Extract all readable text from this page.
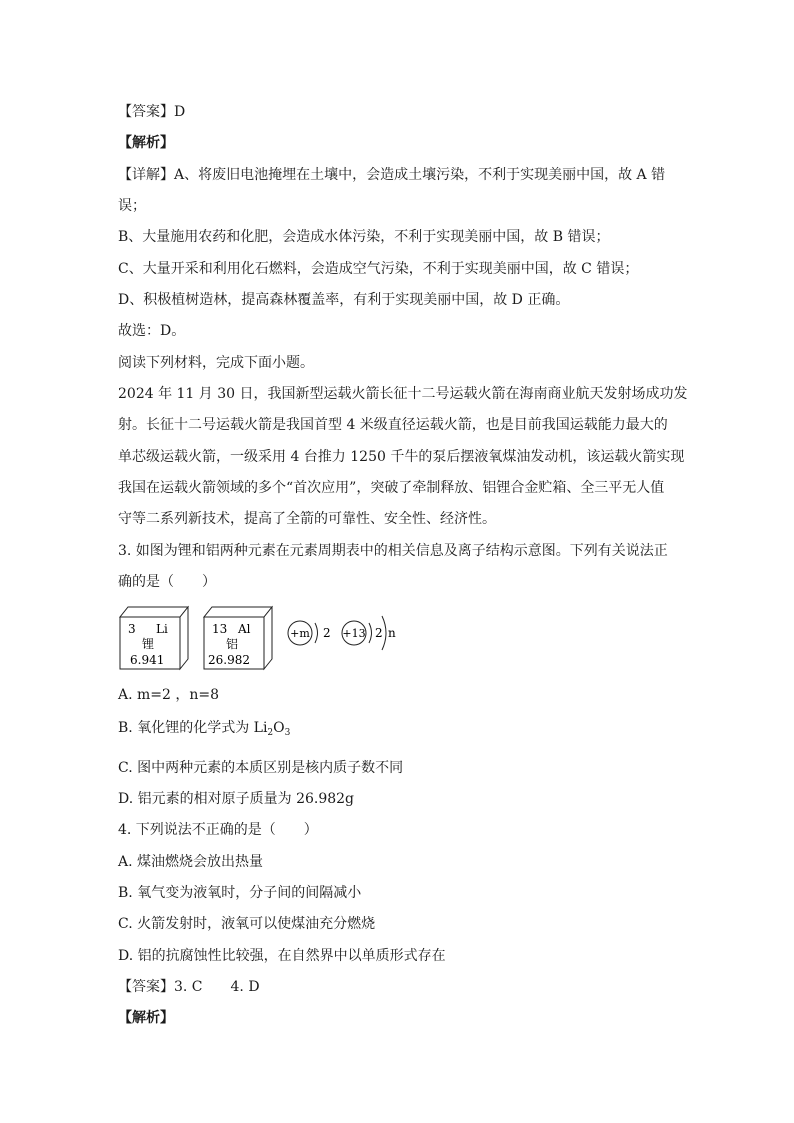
【答案】D
【解析】
【详解】A、将废旧电池掩埋在土壤中，会造成土壤污染，不利于实现美丽中国，故 A 错
误；
B、大量施用农药和化肥，会造成水体污染，不利于实现美丽中国，故 B 错误；
C、大量开采和利用化石燃料，会造成空气污染，不利于实现美丽中国，故 C 错误；
D、积极植树造林，提高森林覆盖率，有利于实现美丽中国，故 D 正确。
故选：D。
阅读下列材料，完成下面小题。
2024 年 11 月 30 日，我国新型运载火箭长征十二号运载火箭在海南商业航天发射场成功发
射。长征十二号运载火箭是我国首型 4 米级直径运载火箭，也是目前我国运载能力最大的
单芯级运载火箭，一级采用 4 台推力 1250 千牛的泵后摆液氧煤油发动机，该运载火箭实现
我国在运载火箭领域的多个“首次应用”，突破了牵制释放、铝锂合金贮箱、全三平无人值
守等二系列新技术，提高了全箭的可靠性、安全性、经济性。
3. 如图为锂和铝两种元素在元素周期表中的相关信息及离子结构示意图。下列有关说法正
确的是（　　）
3 Li
锂
6.941
13 Al
铝
26.982
+m 2 +13 2 n
A. m=2 ，n=8
B. 氧化锂的化学式为 $Li_2O_3$
C. 图中两种元素的本质区别是核内质子数不同
D. 铝元素的相对原子质量为 26.982g
4. 下列说法不正确的是（　　）
A. 煤油燃烧会放出热量
B. 氧气变为液氧时，分子间的间隔减小
C. 火箭发射时，液氧可以使煤油充分燃烧
D. 铝的抗腐蚀性比较强，在自然界中以单质形式存在
【答案】3. C　　4. D
【解析】
